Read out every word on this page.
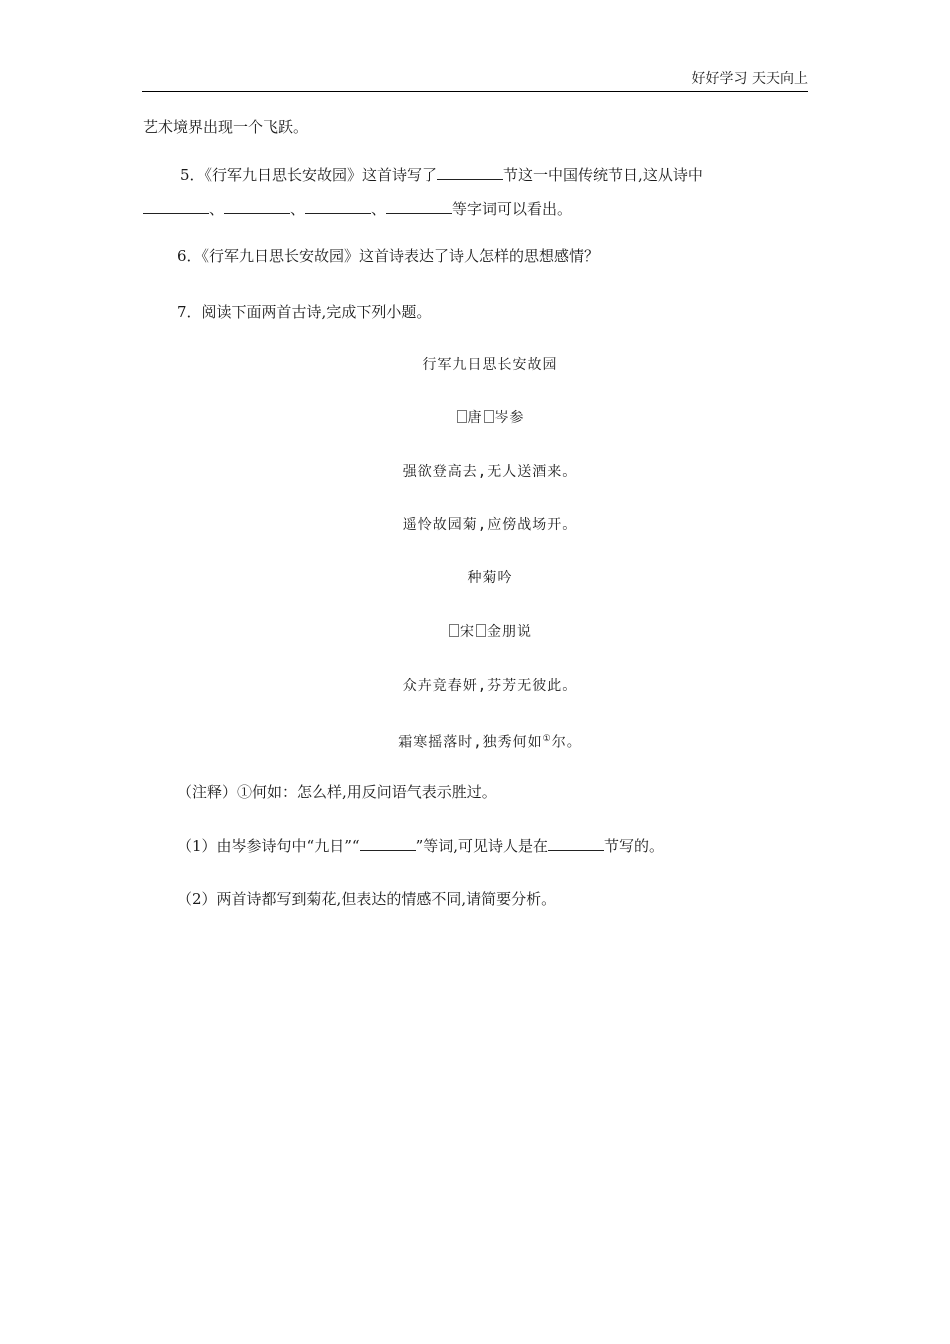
好好学习 天天向上
艺术境界出现一个飞跃。
5．《行军九日思长安故园》这首诗写了	节这一中国传统节日,这从诗中
、	、	、	等字词可以看出。
6．《行军九日思长安故园》这首诗表达了诗人怎样的思想感情？
7．阅读下面两首古诗,完成下列小题。
行军九日思长安故园
唐 岑参
强欲登高去,无人送酒来。
遥怜故园菊,应傍战场开。
种菊吟
宋 金朋说
众卉竞春妍,芬芳无彼此。
霜寒摇落时,独秀何如①尔。
（注释）①何如：怎么样,用反问语气表示胜过。
（1）由岑参诗句中“九日”“	”等词,可见诗人是在	节写的。
（2）两首诗都写到菊花,但表达的情感不同,请简要分析。
